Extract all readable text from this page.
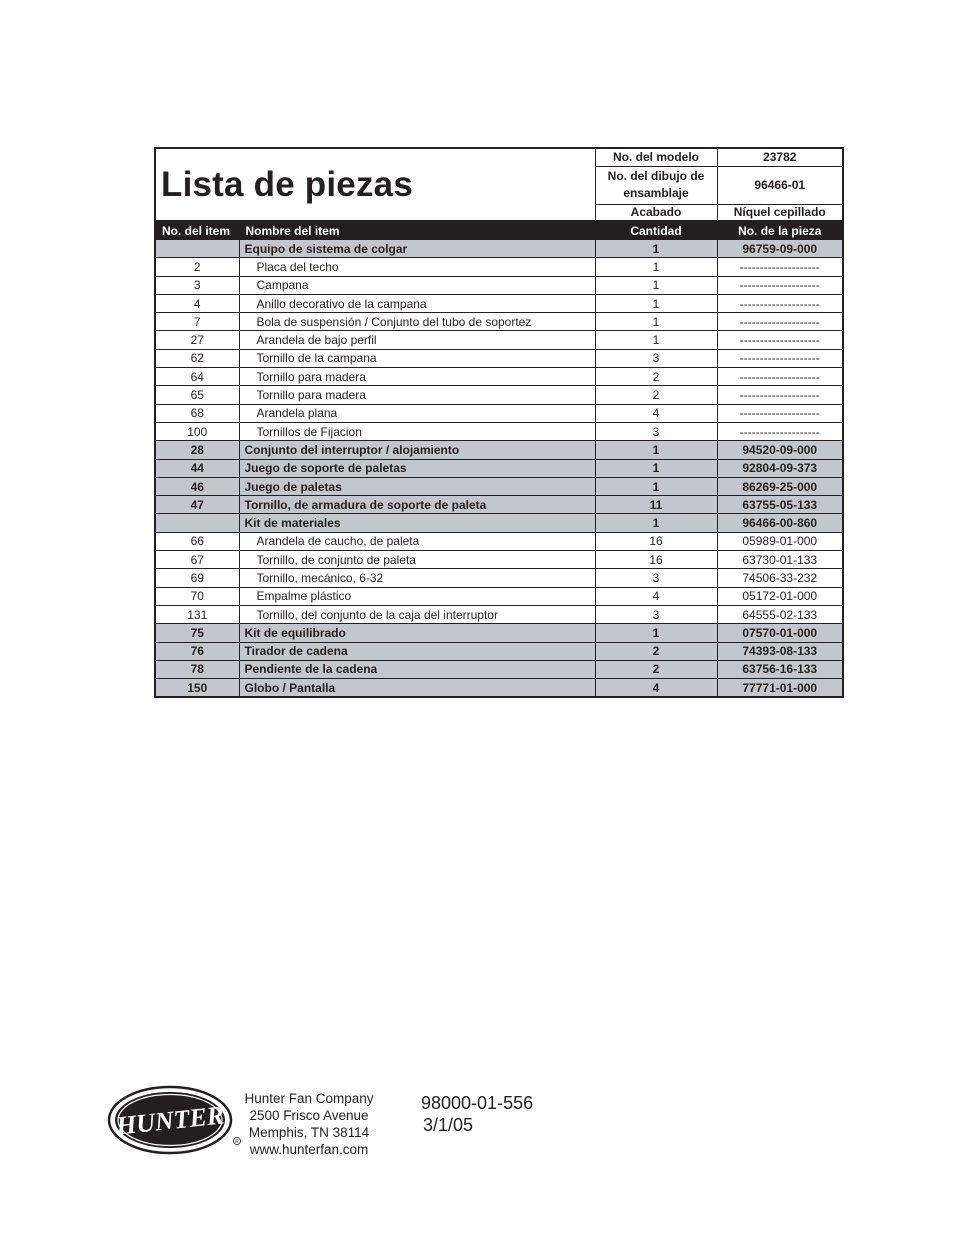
Lista de piezas		No. del modelo	23782
		No. del dibujo de ensamblaje	96466-01
		Acabado	Níquel cepillado
No. del item	Nombre del item	Cantidad	No. de la pieza
	Equipo de sistema de colgar	1	96759-09-000
2	Placa del techo	1	--------------------
3	Campana	1	--------------------
4	Anillo decorativo de la campana	1	--------------------
7	Bola de suspensión / Conjunto del tubo de soportez	1	--------------------
27	Arandela de bajo perfil	1	--------------------
62	Tornillo de la campana	3	--------------------
64	Tornillo para madera	2	--------------------
65	Tornillo para madera	2	--------------------
68	Arandela plana	4	--------------------
100	Tornillos de Fijacion	3	--------------------
28	Conjunto del interruptor / alojamiento	1	94520-09-000
44	Juego de soporte de paletas	1	92804-09-373
46	Juego de paletas	1	86269-25-000
47	Tornillo, de armadura de soporte de paleta	11	63755-05-133
	Kit de materiales	1	96466-00-860
66	Arandela de caucho, de paleta	16	05989-01-000
67	Tornillo, de conjunto de paleta	16	63730-01-133
69	Tornillo, mecánico, 6-32	3	74506-33-232
70	Empalme plástico	4	05172-01-000
131	Tornillo, del conjunto de la caja del interruptor	3	64555-02-133
75	Kit de equilibrado	1	07570-01-000
76	Tirador de cadena	2	74393-08-133
78	Pendiente de la cadena	2	63756-16-133
150	Globo / Pantalla	4	77771-01-000
HUNTER
R
Hunter Fan Company
2500 Frisco Avenue
Memphis, TN 38114
www.hunterfan.com
98000-01-556
3/1/05
